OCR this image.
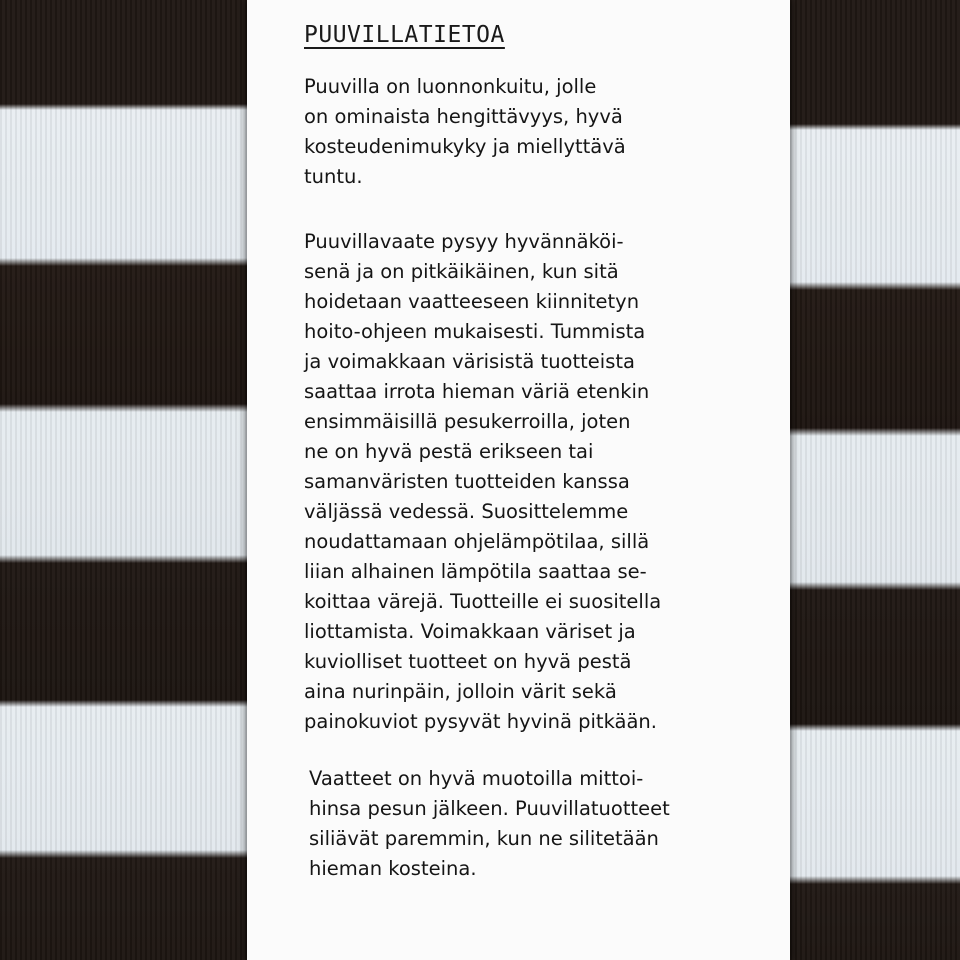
PUUVILLATIETOA

Puuvilla on luonnonkuitu, jolle
on ominaista hengittävyys, hyvä
kosteudenimukyky ja miellyttävä
tuntu.

Puuvillavaate pysyy hyvännäköi-
senä ja on pitkäikäinen, kun sitä
hoidetaan vaatteeseen kiinnitetyn
hoito-ohjeen mukaisesti. Tummista
ja voimakkaan värisistä tuotteista
saattaa irrota hieman väriä etenkin
ensimmäisillä pesukerroilla, joten
ne on hyvä pestä erikseen tai
samanväristen tuotteiden kanssa
väljässä vedessä. Suosittelemme
noudattamaan ohjelämpötilaa, sillä
liian alhainen lämpötila saattaa se-
koittaa värejä. Tuotteille ei suositella
liottamista. Voimakkaan väriset ja
kuviolliset tuotteet on hyvä pestä
aina nurinpäin, jolloin värit sekä
painokuviot pysyvät hyvinä pitkään.

Vaatteet on hyvä muotoilla mittoi-
hinsa pesun jälkeen. Puuvillatuotteet
siliävät paremmin, kun ne silitetään
hieman kosteina.
